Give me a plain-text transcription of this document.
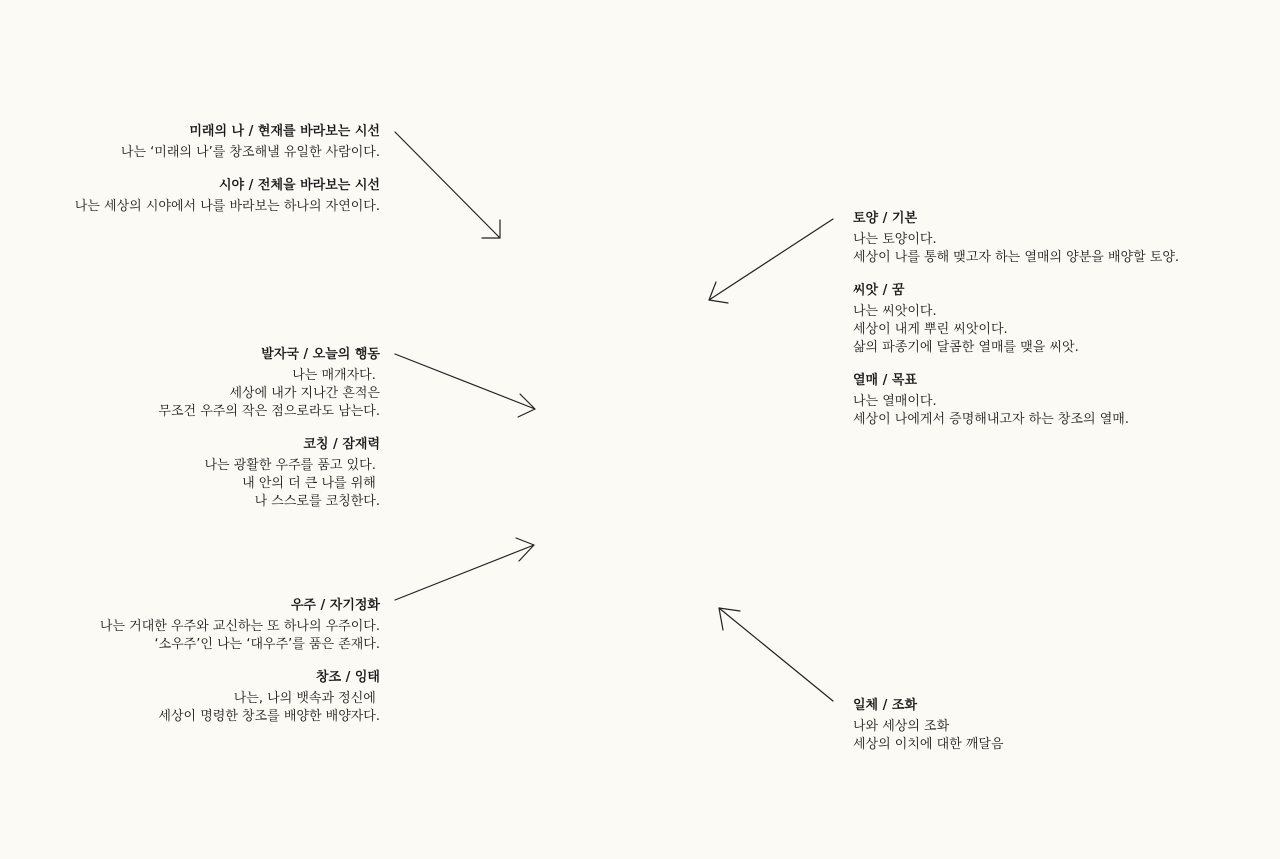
미래의 나 / 현재를 바라보는 시선
나는 ‘미래의 나’를 창조해낼 유일한 사람이다.
시야 / 전체을 바라보는 시선
나는 세상의 시야에서 나를 바라보는 하나의 자연이다.
발자국 / 오늘의 행동
나는 매개자다.
세상에 내가 지나간 흔적은
무조건 우주의 작은 점으로라도 남는다.
코칭 / 잠재력
나는 광활한 우주를 품고 있다.
내 안의 더 큰 나를 위해
나 스스로를 코칭한다.
우주 / 자기정화
나는 거대한 우주와 교신하는 또 하나의 우주이다.
‘소우주’인 나는 ‘대우주’를 품은 존재다.
창조 / 잉태
나는, 나의 뱃속과 정신에
세상이 명령한 창조를 배양한 배양자다.
토양 / 기본
나는 토양이다.
세상이 나를 통해 맺고자 하는 열매의 양분을 배양할 토양.
씨앗 / 꿈
나는 씨앗이다.
세상이 내게 뿌린 씨앗이다.
삶의 파종기에 달콤한 열매를 맺을 씨앗.
열매 / 목표
나는 열매이다.
세상이 나에게서 증명해내고자 하는 창조의 열매.
일체 / 조화
나와 세상의 조화
세상의 이치에 대한 깨달음
